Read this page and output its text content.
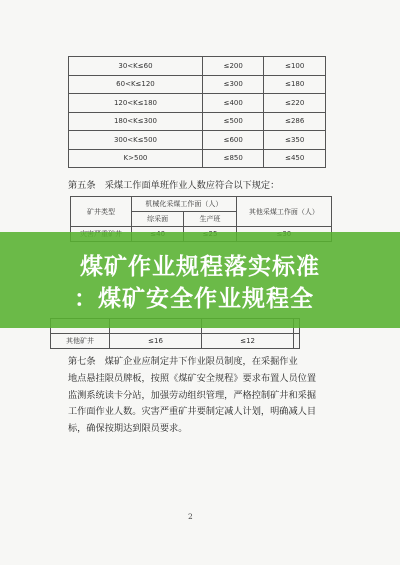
30<K≤60	≤200	≤100
60<K≤120	≤300	≤180
120<K≤180	≤400	≤220
180<K≤300	≤500	≤286
300<K≤500	≤600	≤350
K>500	≤850	≤450
第五条　采煤工作面单班作业人数应符合以下规定：
矿井类型	机械化采煤工作面（人）		其他采煤工作面（人）
	综采面	生产班	

其他矿井	≤16	≤12	
第七条　煤矿企业应制定井下作业限员制度，在采掘作业
地点悬挂限员牌板，按照《煤矿安全规程》要求布置人员位置
监测系统读卡分站，加强劳动组织管理，严格控制矿井和采掘
工作面作业人数。灾害严重矿井要制定减人计划，明确减人目
标，确保按期达到限员要求。
2
煤矿作业规程落实标准
：煤矿安全作业规程全
